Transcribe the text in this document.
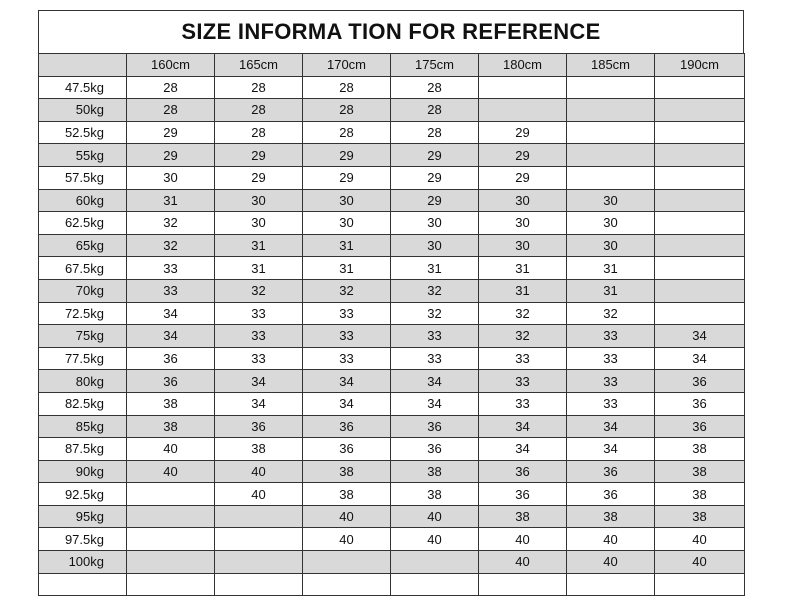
SIZE INFORMA TION FOR REFERENCE
	160cm	165cm	170cm	175cm	180cm	185cm	190cm
47.5kg	28	28	28	28			
50kg	28	28	28	28			
52.5kg	29	28	28	28	29		
55kg	29	29	29	29	29		
57.5kg	30	29	29	29	29		
60kg	31	30	30	29	30	30	
62.5kg	32	30	30	30	30	30	
65kg	32	31	31	30	30	30	
67.5kg	33	31	31	31	31	31	
70kg	33	32	32	32	31	31	
72.5kg	34	33	33	32	32	32	
75kg	34	33	33	33	32	33	34
77.5kg	36	33	33	33	33	33	34
80kg	36	34	34	34	33	33	36
82.5kg	38	34	34	34	33	33	36
85kg	38	36	36	36	34	34	36
87.5kg	40	38	36	36	34	34	38
90kg	40	40	38	38	36	36	38
92.5kg		40	38	38	36	36	38
95kg			40	40	38	38	38
97.5kg			40	40	40	40	40
100kg					40	40	40
